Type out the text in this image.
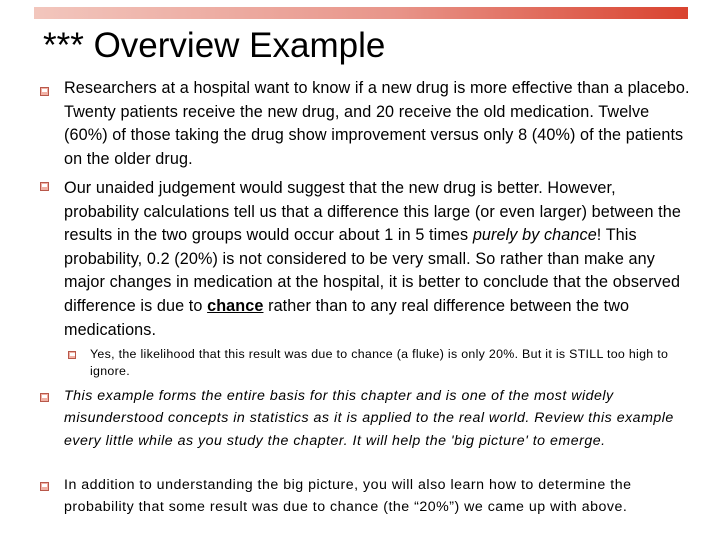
*** Overview Example

Researchers at a hospital want to know if a new drug is more effective than a placebo. Twenty patients receive the new drug, and 20 receive the old medication. Twelve (60%) of those taking the drug show improvement versus only 8 (40%) of the patients on the older drug.

Our unaided judgement would suggest that the new drug is better. However, probability calculations tell us that a difference this large (or even larger) between the results in the two groups would occur about 1 in 5 times purely by chance! This probability, 0.2 (20%) is not considered to be very small. So rather than make any major changes in medication at the hospital, it is better to conclude that the observed difference is due to chance rather than to any real difference between the two medications.

Yes, the likelihood that this result was due to chance (a fluke) is only 20%. But it is STILL too high to ignore.

This example forms the entire basis for this chapter and is one of the most widely misunderstood concepts in statistics as it is applied to the real world. Review this example every little while as you study the chapter. It will help the 'big picture' to emerge.

In addition to understanding the big picture, you will also learn how to determine the probability that some result was due to chance (the “20%”) we came up with above.
